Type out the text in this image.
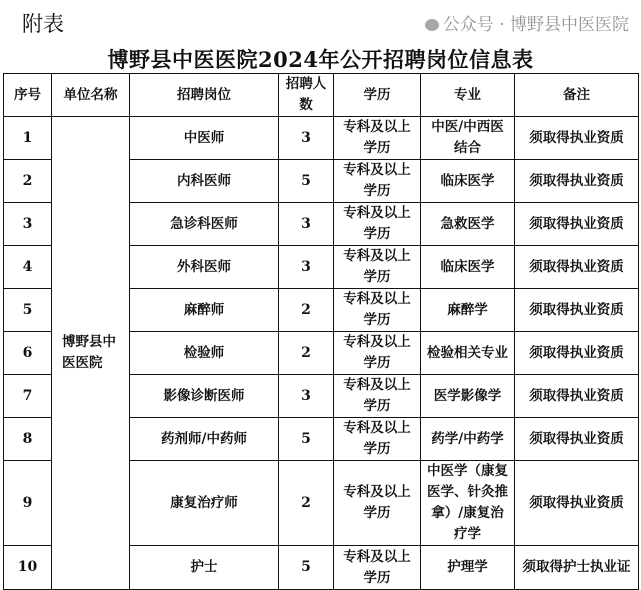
附表
博野县中医医院2024年公开招聘岗位信息表
序号	单位名称	招聘岗位	招聘人数	学历	专业	备注
1	博野县中医医院	中医师	3	专科及以上学历	中医/中西医结合	须取得执业资质
2		内科医师	5	专科及以上学历	临床医学	须取得执业资质
3		急诊科医师	3	专科及以上学历	急救医学	须取得执业资质
4		外科医师	3	专科及以上学历	临床医学	须取得执业资质
5		麻醉师	2	专科及以上学历	麻醉学	须取得执业资质
6		检验师	2	专科及以上学历	检验相关专业	须取得执业资质
7		影像诊断医师	3	专科及以上学历	医学影像学	须取得执业资质
8		药剂师/中药师	5	专科及以上学历	药学/中药学	须取得执业资质
9		康复治疗师	2	专科及以上学历	中医学（康复医学、针灸推拿）/康复治疗学	须取得执业资质
10		护士	5	专科及以上学历	护理学	须取得护士执业证
公众号 · 博野县中医医院
